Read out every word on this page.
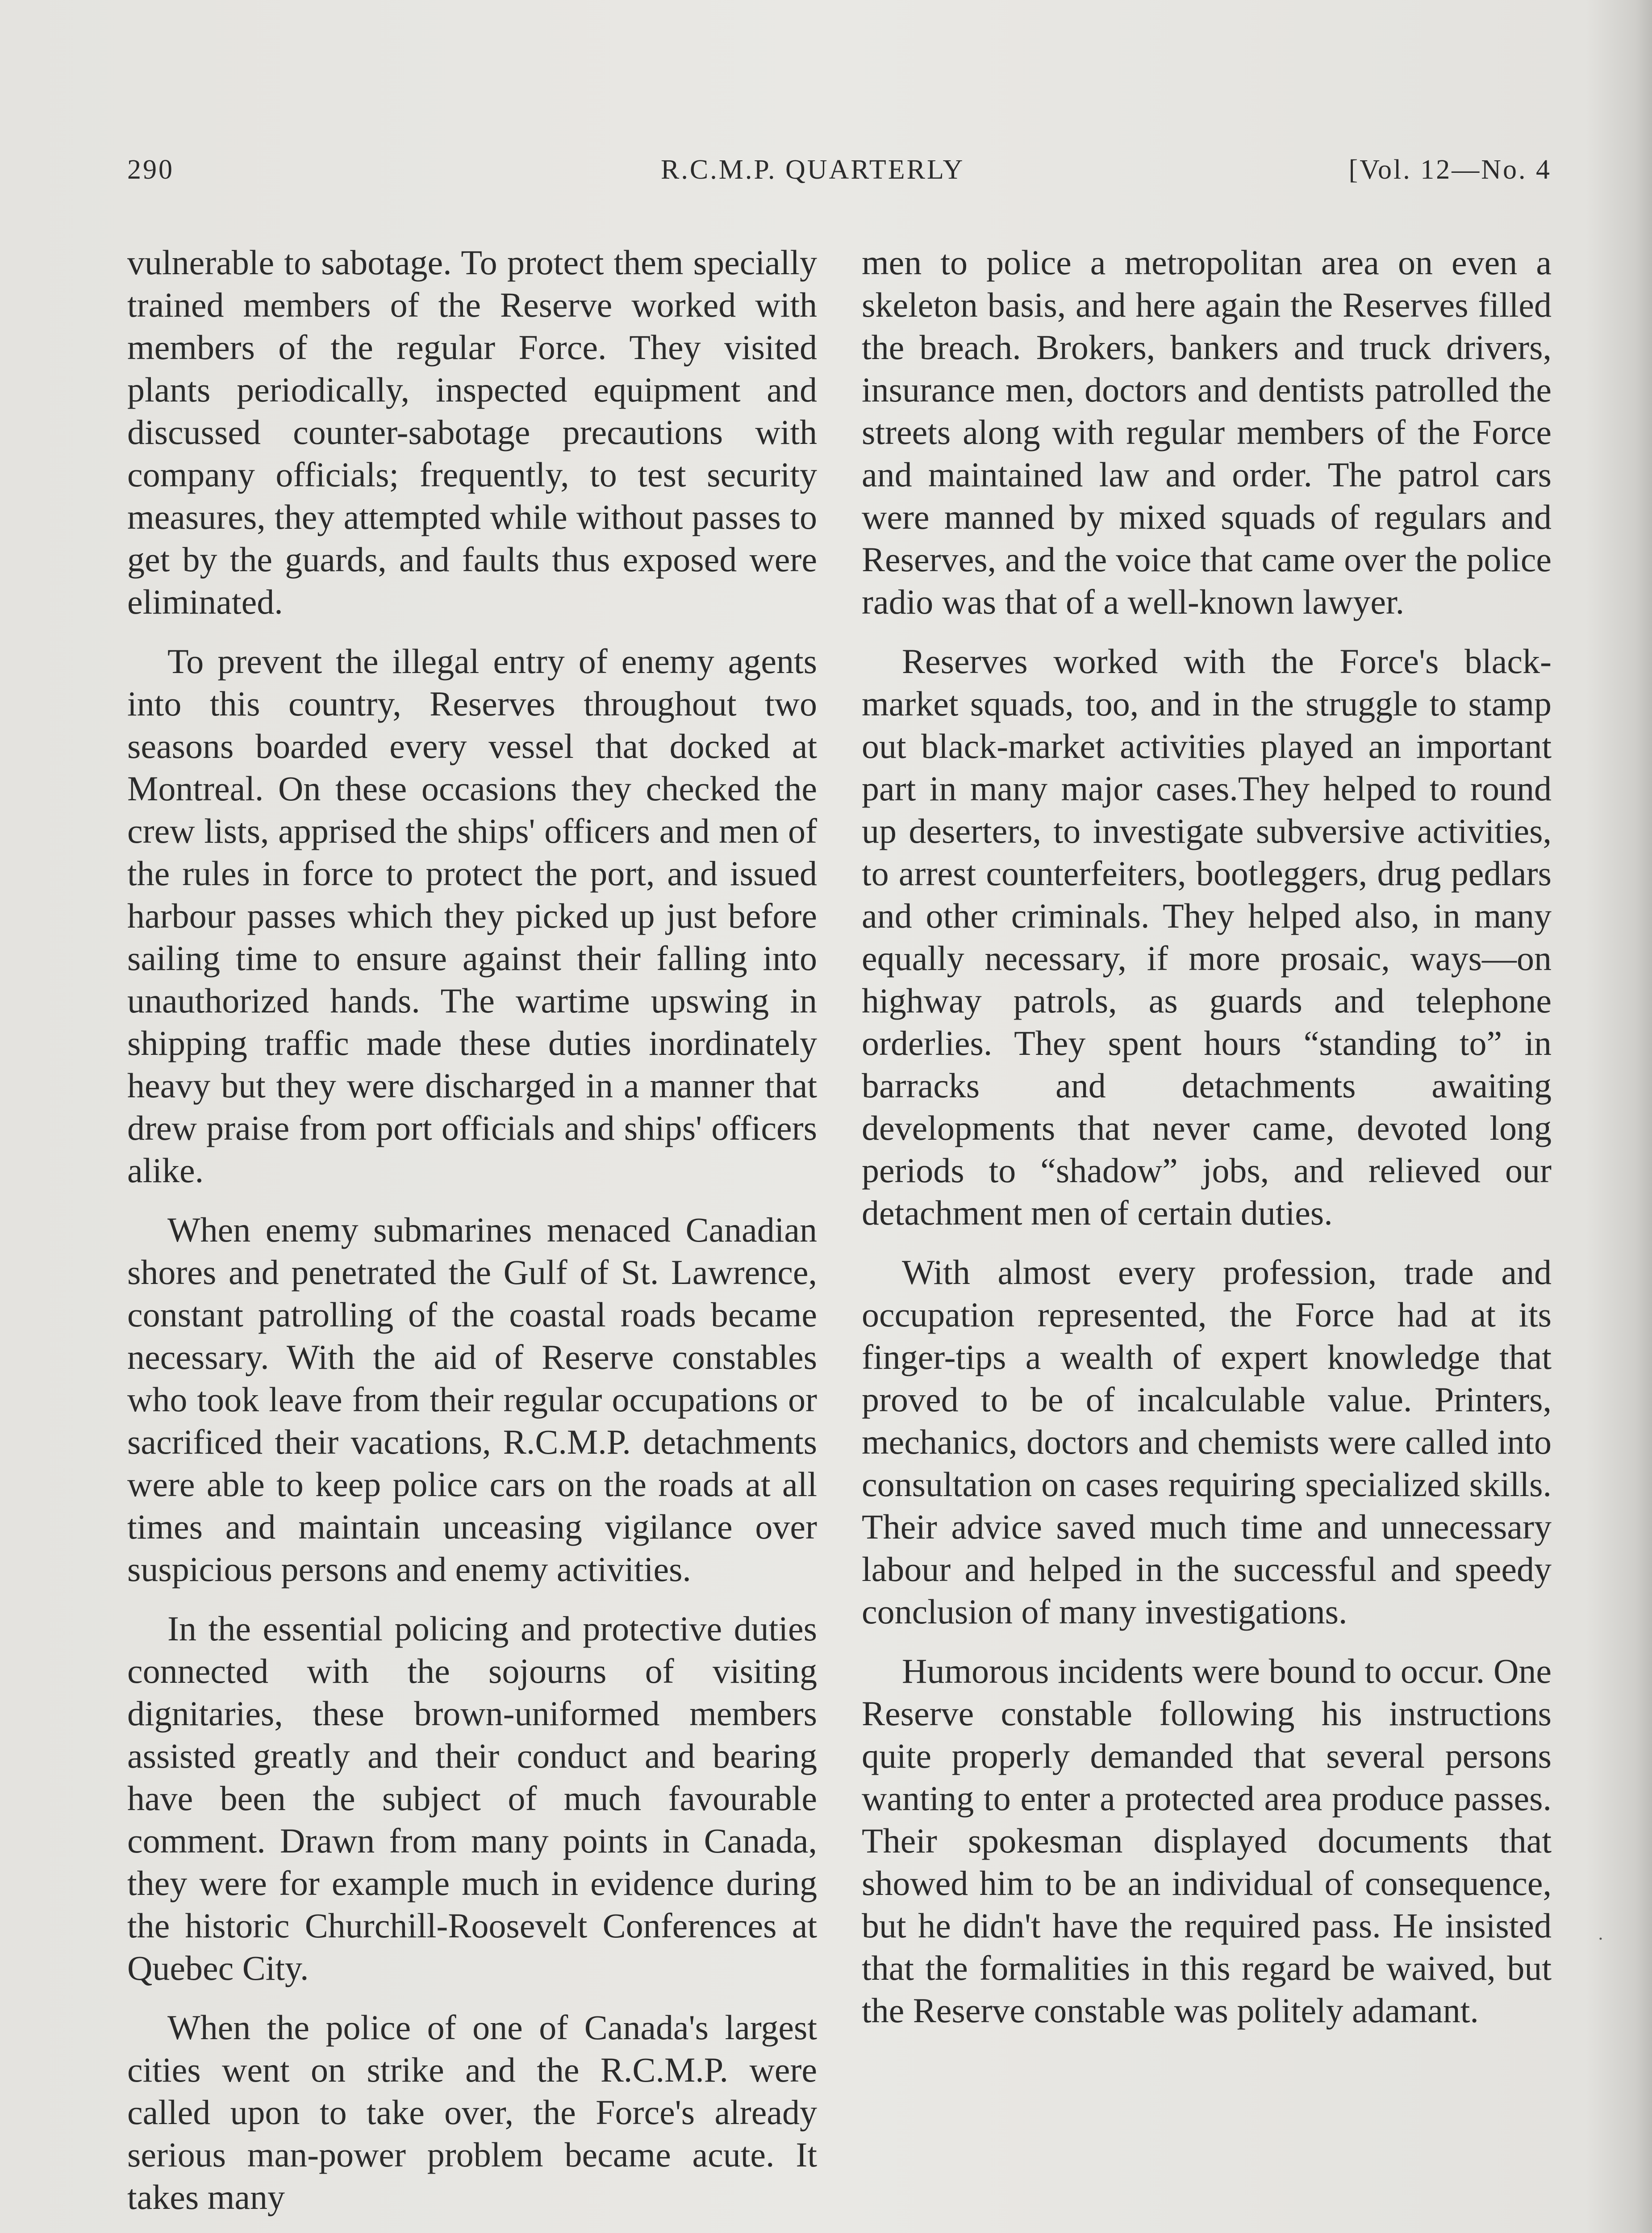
290	R.C.M.P. QUARTERLY	[Vol. 12—No. 4

vulnerable to sabotage. To protect them specially trained members of the Reserve worked with members of the regular Force. They visited plants periodically, inspected equipment and discussed counter-sabotage precautions with company officials; frequently, to test security measures, they attempted while without passes to get by the guards, and faults thus exposed were eliminated.

To prevent the illegal entry of enemy agents into this country, Reserves throughout two seasons boarded every vessel that docked at Montreal. On these occasions they checked the crew lists, apprised the ships' officers and men of the rules in force to protect the port, and issued harbour passes which they picked up just before sailing time to ensure against their falling into unauthorized hands. The wartime upswing in shipping traffic made these duties inordinately heavy but they were discharged in a manner that drew praise from port officials and ships' officers alike.

When enemy submarines menaced Canadian shores and penetrated the Gulf of St. Lawrence, constant patrolling of the coastal roads became necessary. With the aid of Reserve constables who took leave from their regular occupations or sacrificed their vacations, R.C.M.P. detachments were able to keep police cars on the roads at all times and maintain unceasing vigilance over suspicious persons and enemy activities.

In the essential policing and protective duties connected with the sojourns of visiting dignitaries, these brown-uniformed members assisted greatly and their conduct and bearing have been the subject of much favourable comment. Drawn from many points in Canada, they were for example much in evidence during the historic Churchill-Roosevelt Conferences at Quebec City.

When the police of one of Canada's largest cities went on strike and the R.C.M.P. were called upon to take over, the Force's already serious man-power problem became acute. It takes many

men to police a metropolitan area on even a skeleton basis, and here again the Reserves filled the breach. Brokers, bankers and truck drivers, insurance men, doctors and dentists patrolled the streets along with regular members of the Force and maintained law and order. The patrol cars were manned by mixed squads of regulars and Reserves, and the voice that came over the police radio was that of a well-known lawyer.

Reserves worked with the Force's black-market squads, too, and in the struggle to stamp out black-market activities played an important part in many major cases.They helped to round up deserters, to investigate subversive activities, to arrest counterfeiters, bootleggers, drug pedlars and other criminals. They helped also, in many equally necessary, if more prosaic, ways—on highway patrols, as guards and telephone orderlies. They spent hours “standing to” in barracks and detachments awaiting developments that never came, devoted long periods to “shadow” jobs, and relieved our detachment men of certain duties.

With almost every profession, trade and occupation represented, the Force had at its finger-tips a wealth of expert knowledge that proved to be of incalculable value. Printers, mechanics, doctors and chemists were called into consultation on cases requiring specialized skills. Their advice saved much time and unnecessary labour and helped in the successful and speedy conclusion of many investigations.

Humorous incidents were bound to occur. One Reserve constable following his instructions quite properly demanded that several persons wanting to enter a protected area produce passes. Their spokesman displayed documents that showed him to be an individual of consequence, but he didn't have the required pass. He insisted that the formalities in this regard be waived, but the Reserve constable was politely adamant.

·
